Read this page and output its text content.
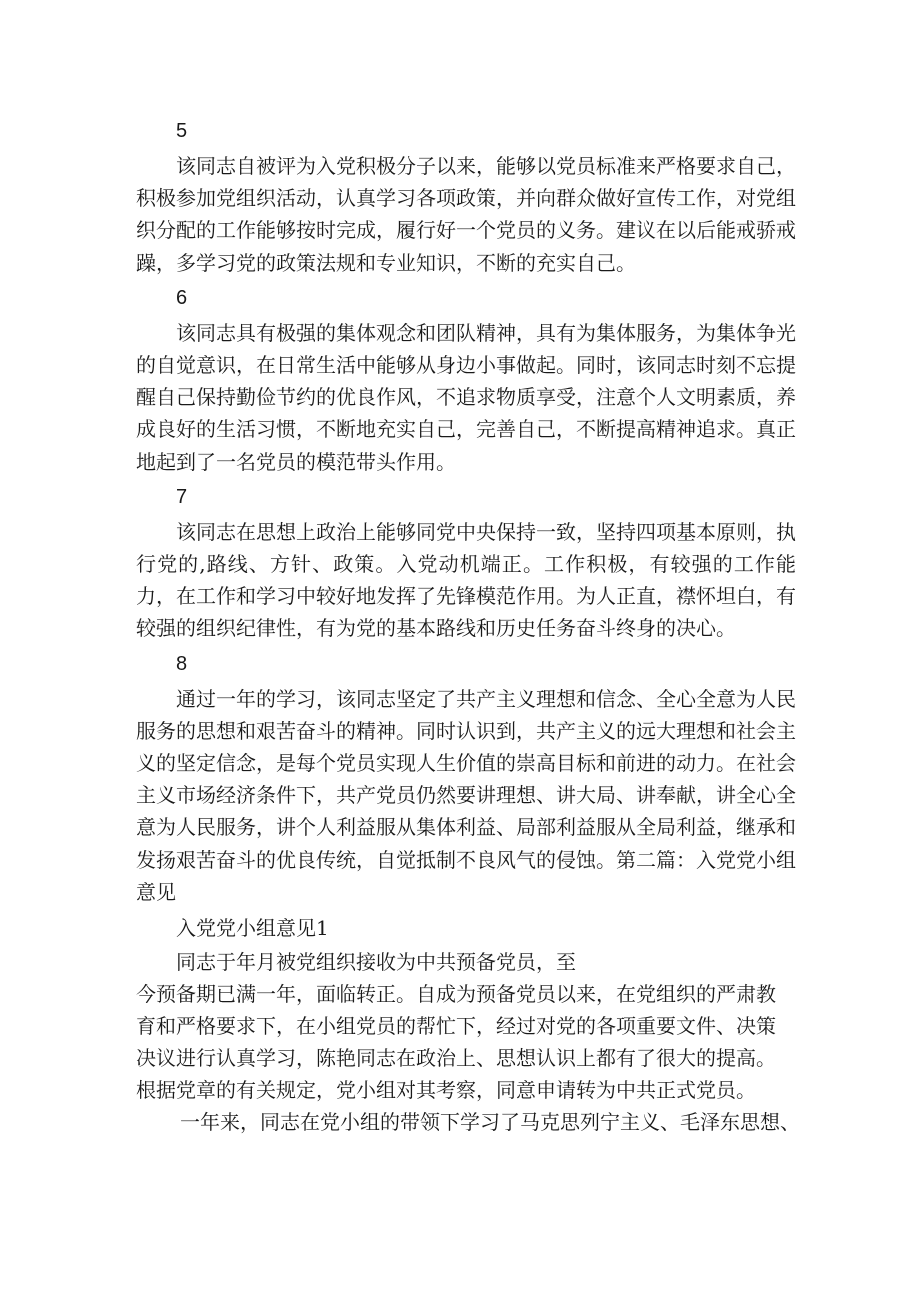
5

该同志自被评为入党积极分子以来，能够以党员标准来严格要求自己，积极参加党组织活动，认真学习各项政策，并向群众做好宣传工作，对党组织分配的工作能够按时完成，履行好一个党员的义务。建议在以后能戒骄戒躁，多学习党的政策法规和专业知识，不断的充实自己。

6

该同志具有极强的集体观念和团队精神，具有为集体服务，为集体争光的自觉意识，在日常生活中能够从身边小事做起。同时，该同志时刻不忘提醒自己保持勤俭节约的优良作风，不追求物质享受，注意个人文明素质，养成良好的生活习惯，不断地充实自己，完善自己，不断提高精神追求。真正地起到了一名党员的模范带头作用。

7

该同志在思想上政治上能够同党中央保持一致，坚持四项基本原则，执行党的,路线、方针、政策。入党动机端正。工作积极，有较强的工作能力，在工作和学习中较好地发挥了先锋模范作用。为人正直，襟怀坦白，有较强的组织纪律性，有为党的基本路线和历史任务奋斗终身的决心。

8

通过一年的学习，该同志坚定了共产主义理想和信念、全心全意为人民服务的思想和艰苦奋斗的精神。同时认识到，共产主义的远大理想和社会主义的坚定信念，是每个党员实现人生价值的崇高目标和前进的动力。在社会主义市场经济条件下，共产党员仍然要讲理想、讲大局、讲奉献，讲全心全意为人民服务，讲个人利益服从集体利益、局部利益服从全局利益，继承和发扬艰苦奋斗的优良传统，自觉抵制不良风气的侵蚀。第二篇：入党党小组意见

入党党小组意见1

同志于年月被党组织接收为中共预备党员，至

今预备期已满一年，面临转正。自成为预备党员以来，在党组织的严肃教

育和严格要求下，在小组党员的帮忙下，经过对党的各项重要文件、决策

决议进行认真学习，陈艳同志在政治上、思想认识上都有了很大的提高。

根据党章的有关规定，党小组对其考察，同意申请转为中共正式党员。

一年来，同志在党小组的带领下学习了马克思列宁主义、毛泽东思想、
